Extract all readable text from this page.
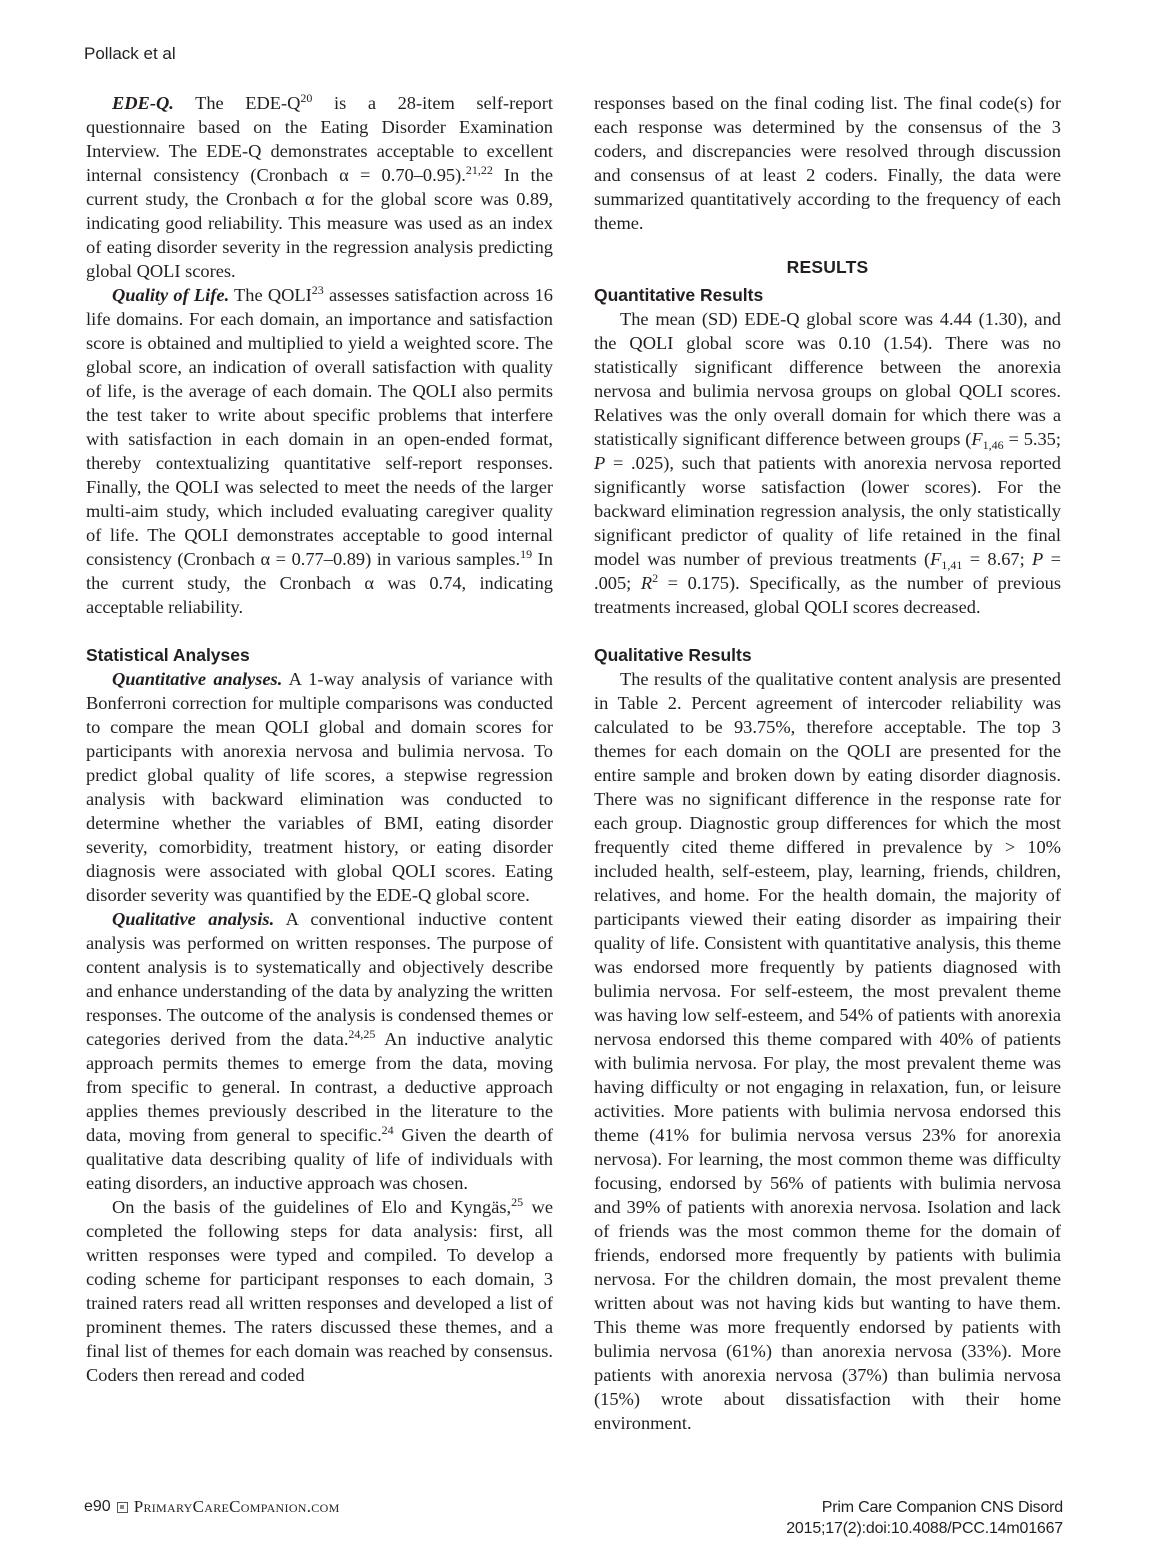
Pollack et al

EDE-Q. The EDE-$Q^{20}$ is a 28-item self-report questionnaire based on the Eating Disorder Examination Interview. The EDE-Q demonstrates acceptable to excellent internal consistency (Cronbach α = 0.70–0.95).$^{21,22}$ In the current study, the Cronbach α for the global score was 0.89, indicating good reliability. This measure was used as an index of eating disorder severity in the regression analysis predicting global QOLI scores.

Quality of Life. The QOLI$^{23}$ assesses satisfaction across 16 life domains. For each domain, an importance and satisfaction score is obtained and multiplied to yield a weighted score. The global score, an indication of overall satisfaction with quality of life, is the average of each domain. The QOLI also permits the test taker to write about specific problems that interfere with satisfaction in each domain in an open-ended format, thereby contextualizing quantitative self-report responses. Finally, the QOLI was selected to meet the needs of the larger multi-aim study, which included evaluating caregiver quality of life. The QOLI demonstrates acceptable to good internal consistency (Cronbach α = 0.77–0.89) in various samples.$^{19}$ In the current study, the Cronbach α was 0.74, indicating acceptable reliability.

Statistical Analyses

Quantitative analyses. A 1-way analysis of variance with Bonferroni correction for multiple comparisons was conducted to compare the mean QOLI global and domain scores for participants with anorexia nervosa and bulimia nervosa. To predict global quality of life scores, a stepwise regression analysis with backward elimination was conducted to determine whether the variables of BMI, eating disorder severity, comorbidity, treatment history, or eating disorder diagnosis were associated with global QOLI scores. Eating disorder severity was quantified by the EDE-Q global score.

Qualitative analysis. A conventional inductive content analysis was performed on written responses. The purpose of content analysis is to systematically and objectively describe and enhance understanding of the data by analyzing the written responses. The outcome of the analysis is condensed themes or categories derived from the data.$^{24,25}$ An inductive analytic approach permits themes to emerge from the data, moving from specific to general. In contrast, a deductive approach applies themes previously described in the literature to the data, moving from general to specific.$^{24}$ Given the dearth of qualitative data describing quality of life of individuals with eating disorders, an inductive approach was chosen.

On the basis of the guidelines of Elo and Kyngäs,$^{25}$ we completed the following steps for data analysis: first, all written responses were typed and compiled. To develop a coding scheme for participant responses to each domain, 3 trained raters read all written responses and developed a list of prominent themes. The raters discussed these themes, and a final list of themes for each domain was reached by consensus. Coders then reread and coded

responses based on the final coding list. The final code(s) for each response was determined by the consensus of the 3 coders, and discrepancies were resolved through discussion and consensus of at least 2 coders. Finally, the data were summarized quantitatively according to the frequency of each theme.

RESULTS
Quantitative Results

The mean (SD) EDE-Q global score was 4.44 (1.30), and the QOLI global score was 0.10 (1.54). There was no statistically significant difference between the anorexia nervosa and bulimia nervosa groups on global QOLI scores. Relatives was the only overall domain for which there was a statistically significant difference between groups ($F_{1,46} = 5.35$; P = .025), such that patients with anorexia nervosa reported significantly worse satisfaction (lower scores). For the backward elimination regression analysis, the only statistically significant predictor of quality of life retained in the final model was number of previous treatments ($F_{1,41} = 8.67$; P = .005; $R^2 = 0.175$). Specifically, as the number of previous treatments increased, global QOLI scores decreased.

Qualitative Results

The results of the qualitative content analysis are presented in Table 2. Percent agreement of intercoder reliability was calculated to be 93.75%, therefore acceptable. The top 3 themes for each domain on the QOLI are presented for the entire sample and broken down by eating disorder diagnosis. There was no significant difference in the response rate for each group. Diagnostic group differences for which the most frequently cited theme differed in prevalence by > 10% included health, self-esteem, play, learning, friends, children, relatives, and home. For the health domain, the majority of participants viewed their eating disorder as impairing their quality of life. Consistent with quantitative analysis, this theme was endorsed more frequently by patients diagnosed with bulimia nervosa. For self-esteem, the most prevalent theme was having low self-esteem, and 54% of patients with anorexia nervosa endorsed this theme compared with 40% of patients with bulimia nervosa. For play, the most prevalent theme was having difficulty or not engaging in relaxation, fun, or leisure activities. More patients with bulimia nervosa endorsed this theme (41% for bulimia nervosa versus 23% for anorexia nervosa). For learning, the most common theme was difficulty focusing, endorsed by 56% of patients with bulimia nervosa and 39% of patients with anorexia nervosa. Isolation and lack of friends was the most common theme for the domain of friends, endorsed more frequently by patients with bulimia nervosa. For the children domain, the most prevalent theme written about was not having kids but wanting to have them. This theme was more frequently endorsed by patients with bulimia nervosa (61%) than anorexia nervosa (33%). More patients with anorexia nervosa (37%) than bulimia nervosa (15%) wrote about dissatisfaction with their home environment.

e90 PrimaryCareCompanion.com	Prim Care Companion CNS Disord
2015;17(2):doi:10.4088/PCC.14m01667
